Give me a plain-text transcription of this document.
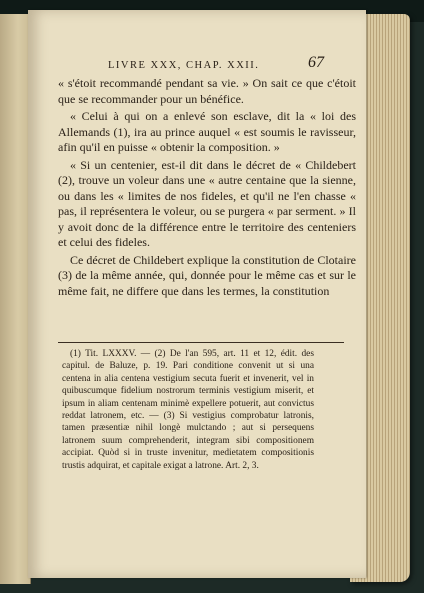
LIVRE XXX, CHAP. XXII.	67

« s'étoit recommandé pendant sa vie. » On sait ce que c'étoit que se recommander pour un bénéfice.

« Celui à qui on a enlevé son esclave, dit la « loi des Allemands (1), ira au prince auquel « est soumis le ravisseur, afin qu'il en puisse « obtenir la composition. »

« Si un centenier, est-il dit dans le décret de « Childebert (2), trouve un voleur dans une « autre centaine que la sienne, ou dans les « limites de nos fideles, et qu'il ne l'en chasse « pas, il représentera le voleur, ou se purgera « par serment. » Il y avoit donc de la différence entre le territoire des centeniers et celui des fideles.

Ce décret de Childebert explique la constitution de Clotaire (3) de la même année, qui, donnée pour le même cas et sur le même fait, ne differe que dans les termes, la constitution

(1) Tit. LXXXV. — (2) De l'an 595, art. 11 et 12, édit. des capitul. de Baluze, p. 19. Pari conditione convenit ut si una centena in alia centena vestigium secuta fuerit et invenerit, vel in quibuscumque fidelium nostrorum terminis vestigium miserit, et ipsum in aliam centenam minimè expellere potuerit, aut convictus reddat latronem, etc. — (3) Si vestigius comprobatur latronis, tamen præsentiæ nihil longè mulctando ; aut si persequens latronem suum comprehenderit, integram sibi compositionem accipiat. Quòd si in truste invenitur, medietatem compositionis trustis adquirat, et capitale exigat a latrone. Art. 2, 3.
